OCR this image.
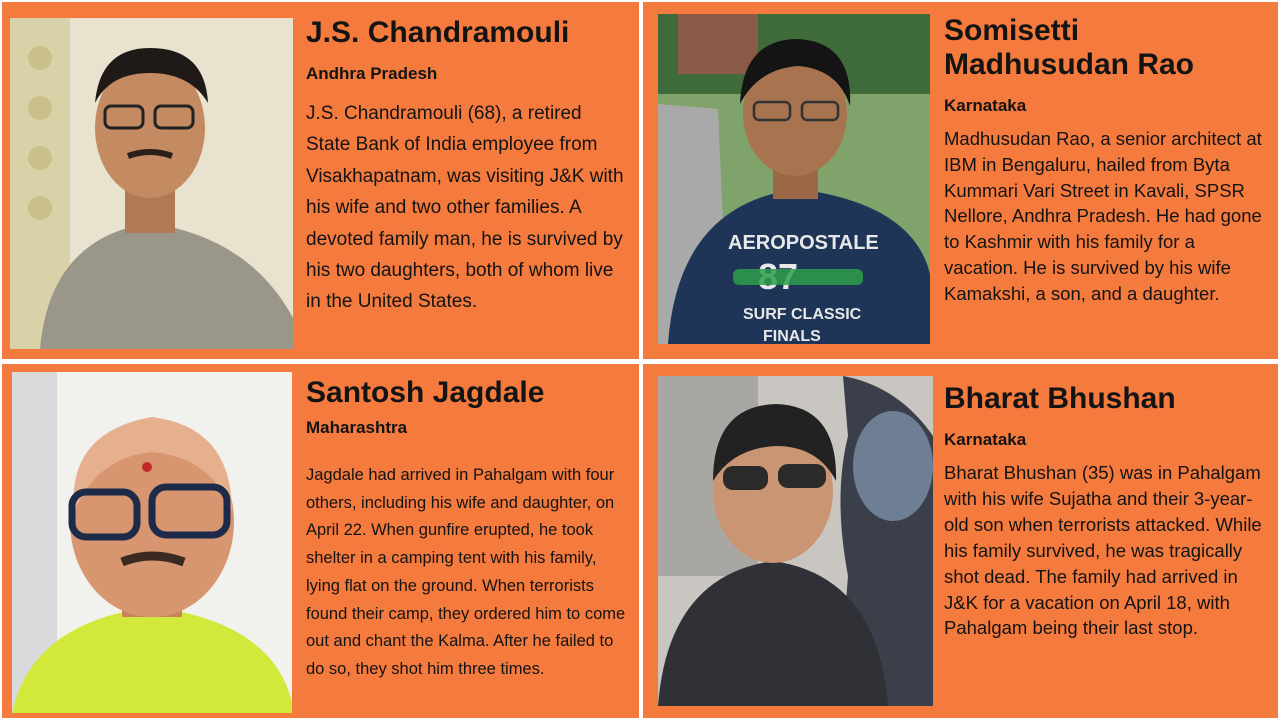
J.S. Chandramouli

Andhra Pradesh

J.S. Chandramouli (68), a retired State Bank of India employee from Visakhapatnam, was visiting J&K with his wife and two other families. A devoted family man, he is survived by his two daughters, both of whom live in the United States.

AEROPOSTALE
SURF CLASSIC
FINALS
Somisetti Madhusudan Rao

Karnataka

Madhusudan Rao, a senior architect at IBM in Bengaluru, hailed from Byta Kummari Vari Street in Kavali, SPSR Nellore, Andhra Pradesh. He had gone to Kashmir with his family for a vacation. He is survived by his wife Kamakshi, a son, and a daughter.

Santosh Jagdale

Maharashtra

Jagdale had arrived in Pahalgam with four others, including his wife and daughter, on April 22. When gunfire erupted, he took shelter in a camping tent with his family, lying flat on the ground. When terrorists found their camp, they ordered him to come out and chant the Kalma. After he failed to do so, they shot him three times.

Bharat Bhushan

Karnataka

Bharat Bhushan (35) was in Pahalgam with his wife Sujatha and their 3-year-old son when terrorists attacked. While his family survived, he was tragically shot dead. The family had arrived in J&K for a vacation on April 18, with Pahalgam being their last stop.
